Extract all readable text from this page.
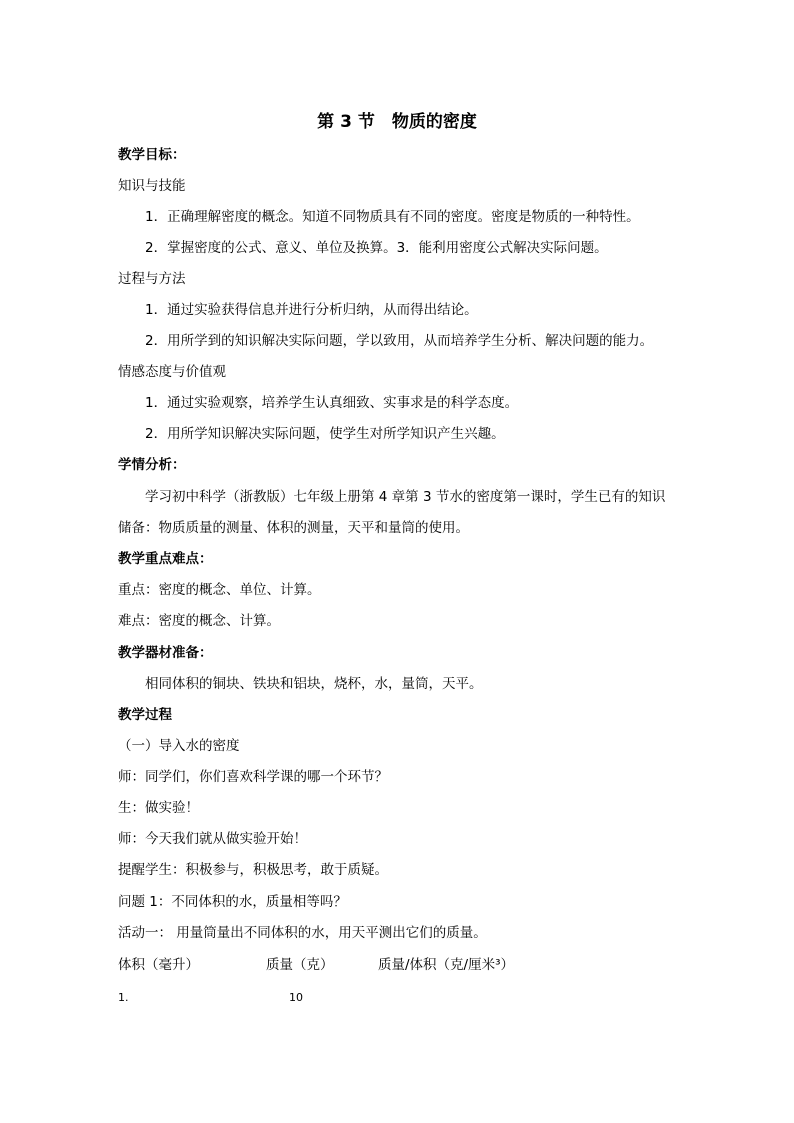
第 3 节　物质的密度
教学目标：
知识与技能
1．正确理解密度的概念。知道不同物质具有不同的密度。密度是物质的一种特性。
2．掌握密度的公式、意义、单位及换算。3．能利用密度公式解决实际问题。
过程与方法
1．通过实验获得信息并进行分析归纳，从而得出结论。
2．用所学到的知识解决实际问题，学以致用，从而培养学生分析、解决问题的能力。
情感态度与价值观
1．通过实验观察，培养学生认真细致、实事求是的科学态度。
2．用所学知识解决实际问题，使学生对所学知识产生兴趣。
学情分析：
学习初中科学（浙教版）七年级上册第 4 章第 3 节水的密度第一课时，学生已有的知识
储备：物质质量的测量、体积的测量，天平和量筒的使用。
教学重点难点：
重点：密度的概念、单位、计算。
难点：密度的概念、计算。
教学器材准备：
相同体积的铜块、铁块和铝块，烧杯，水，量筒，天平。
教学过程
（一）导入水的密度
师：同学们，你们喜欢科学课的哪一个环节？
生：做实验！
师：今天我们就从做实验开始！
提醒学生：积极参与，积极思考，敢于质疑。
问题 1：不同体积的水，质量相等吗？
活动一： 用量筒量出不同体积的水，用天平测出它们的质量。
体积（毫升）	质量（克）	质量/体积（克/厘米³）
1.	10
